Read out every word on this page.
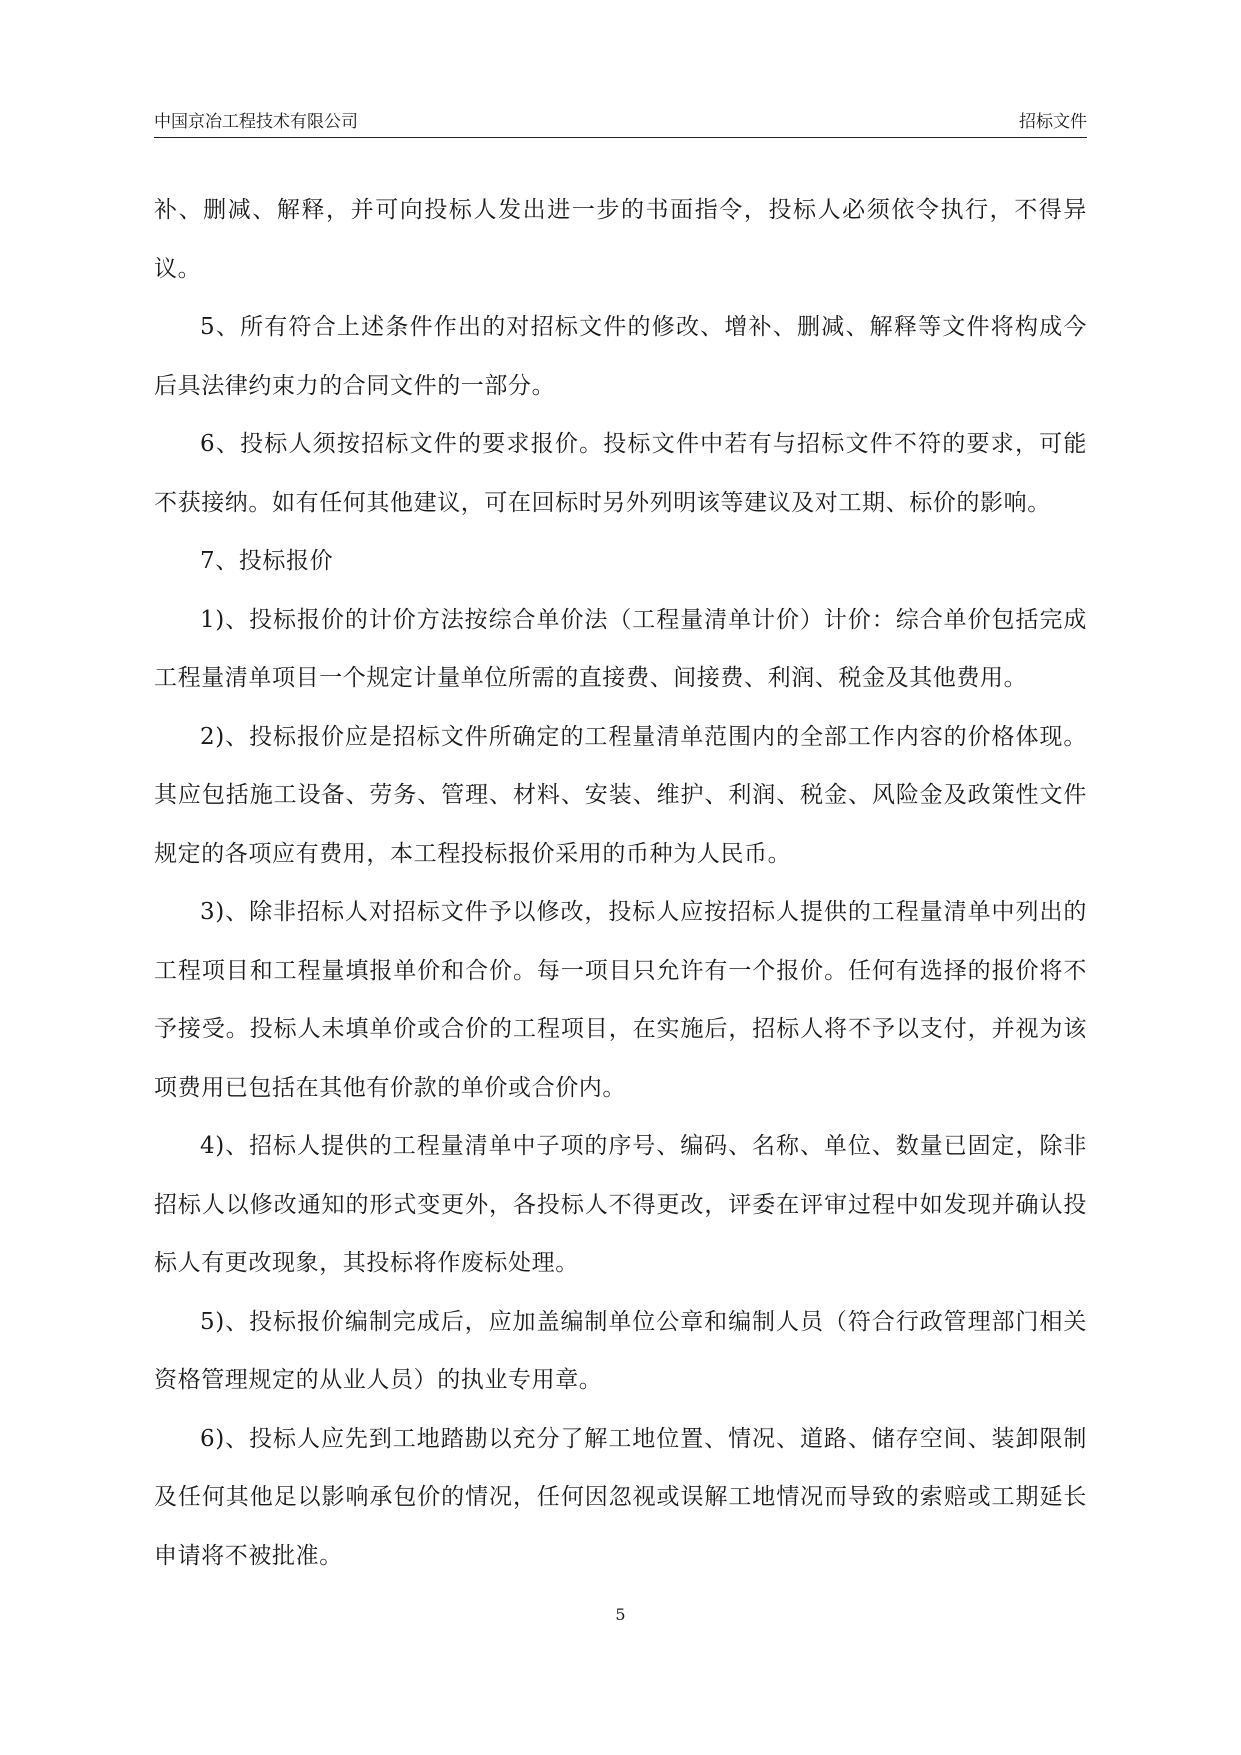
中国京冶工程技术有限公司	招标文件

补、删减、解释，并可向投标人发出进一步的书面指令，投标人必须依令执行，不得异议。

5、所有符合上述条件作出的对招标文件的修改、增补、删减、解释等文件将构成今后具法律约束力的合同文件的一部分。

6、投标人须按招标文件的要求报价。投标文件中若有与招标文件不符的要求，可能不获接纳。如有任何其他建议，可在回标时另外列明该等建议及对工期、标价的影响。

7、投标报价

1)、投标报价的计价方法按综合单价法（工程量清单计价）计价：综合单价包括完成工程量清单项目一个规定计量单位所需的直接费、间接费、利润、税金及其他费用。

2)、投标报价应是招标文件所确定的工程量清单范围内的全部工作内容的价格体现。其应包括施工设备、劳务、管理、材料、安装、维护、利润、税金、风险金及政策性文件规定的各项应有费用，本工程投标报价采用的币种为人民币。

3)、除非招标人对招标文件予以修改，投标人应按招标人提供的工程量清单中列出的工程项目和工程量填报单价和合价。每一项目只允许有一个报价。任何有选择的报价将不予接受。投标人未填单价或合价的工程项目，在实施后，招标人将不予以支付，并视为该项费用已包括在其他有价款的单价或合价内。

4)、招标人提供的工程量清单中子项的序号、编码、名称、单位、数量已固定，除非招标人以修改通知的形式变更外，各投标人不得更改，评委在评审过程中如发现并确认投标人有更改现象，其投标将作废标处理。

5)、投标报价编制完成后，应加盖编制单位公章和编制人员（符合行政管理部门相关资格管理规定的从业人员）的执业专用章。

6)、投标人应先到工地踏勘以充分了解工地位置、情况、道路、储存空间、装卸限制及任何其他足以影响承包价的情况，任何因忽视或误解工地情况而导致的索赔或工期延长申请将不被批准。

5
